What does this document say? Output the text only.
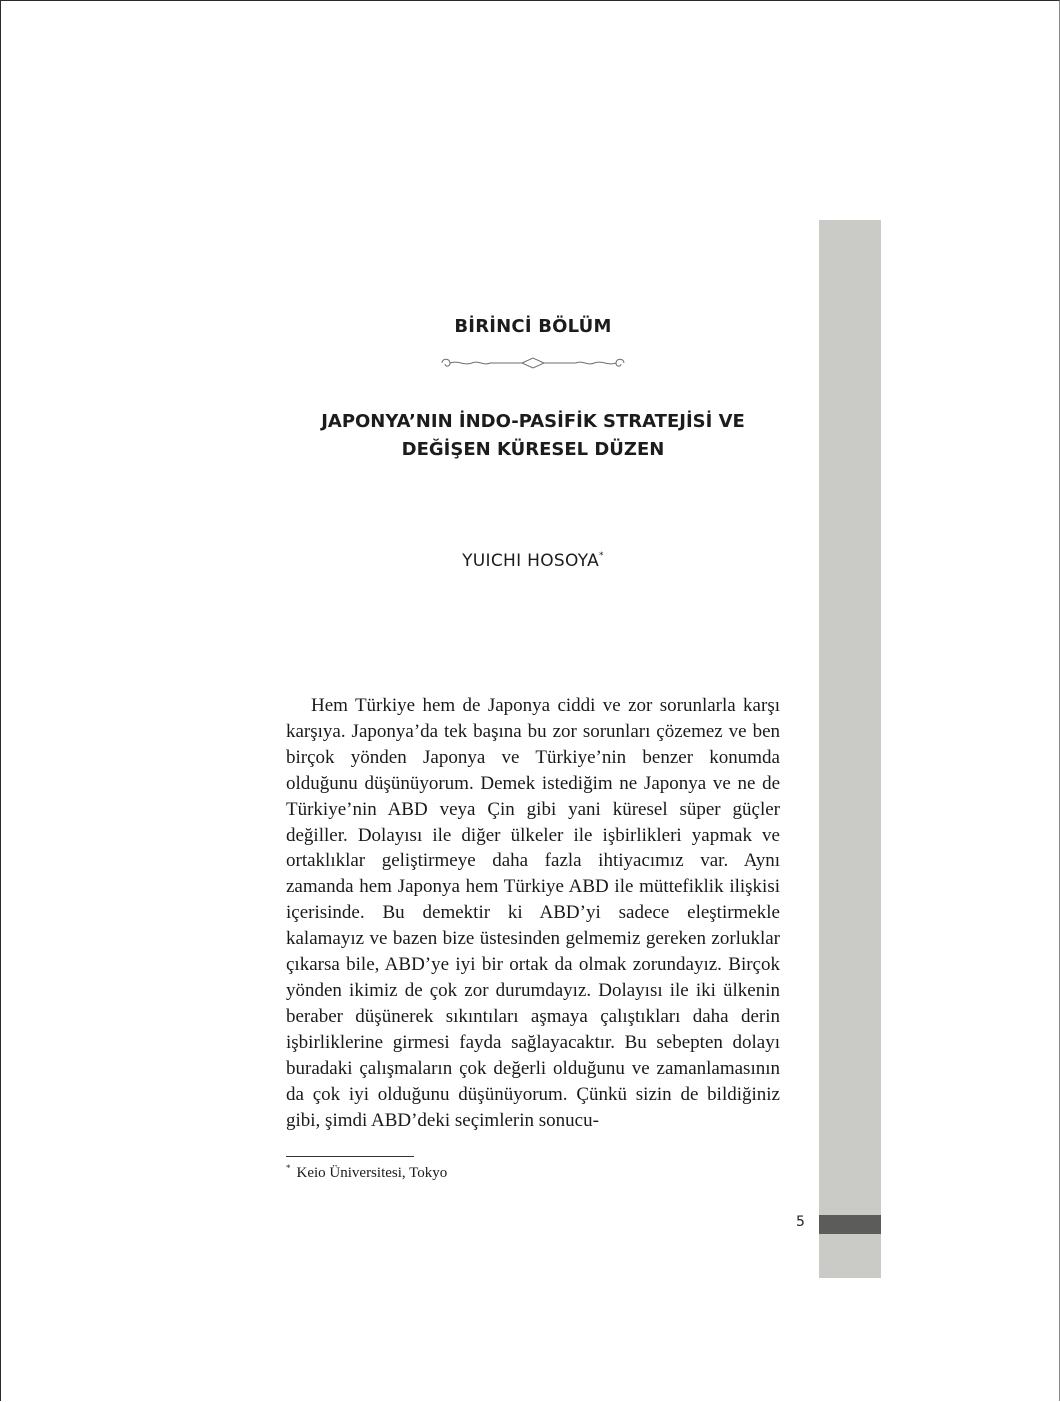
5
BİRİNCİ BÖLÜM
JAPONYA’NIN İNDO-PASİFİK STRATEJİSİ VE
DEĞİŞEN KÜRESEL DÜZEN
YUICHI HOSOYA*

Hem Türkiye hem de Japonya ciddi ve zor sorunlarla karşı karşıya. Japonya’da tek başına bu zor sorunları çözemez ve ben birçok yönden Japonya ve Türkiye’nin benzer konumda olduğunu düşünüyorum. Demek istediğim ne Japonya ve ne de Türkiye’nin ABD veya Çin gibi yani küresel süper güçler değiller. Dolayısı ile diğer ülkeler ile işbirlikleri yapmak ve ortaklıklar geliştirmeye daha fazla ihtiyacımız var. Aynı zamanda hem Japonya hem Türkiye ABD ile müttefiklik ilişkisi içerisinde. Bu demektir ki ABD’yi sadece eleştirmekle kalamayız ve bazen bize üstesinden gelmemiz gereken zorluklar çıkarsa bile, ABD’ye iyi bir ortak da olmak zorundayız. Birçok yönden ikimiz de çok zor durumdayız. Dolayısı ile iki ülkenin beraber düşünerek sıkıntıları aşmaya çalıştıkları daha derin işbirliklerine girmesi fayda sağlayacaktır. Bu sebepten dolayı buradaki çalışmaların çok değerli olduğunu ve zamanlamasının da çok iyi olduğunu düşünüyorum. Çünkü sizin de bildiğiniz gibi, şimdi ABD’deki seçimlerin sonucu-

* Keio Üniversitesi, Tokyo
